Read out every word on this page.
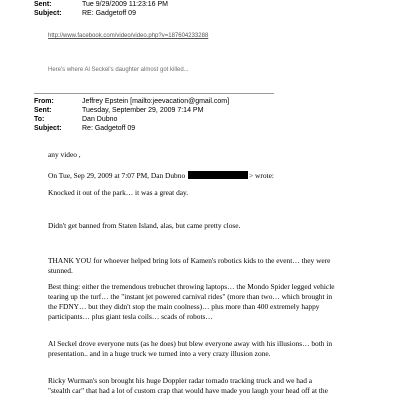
Sent:	Tue 9/29/2009 11:23:16 PM
Subject:	RE: Gadgetoff 09
http://www.facebook.com/video/video.php?v=187604233288
Here's where Al Seckel's daughter almost got killed...
From:	Jeffrey Epstein [mailto:jeevacation@gmail.com]
Sent:	Tuesday, September 29, 2009 7:14 PM
To:	Dan Dubno
Subject:	Re: Gadgetoff 09
any video ,
On Tue, Sep 29, 2009 at 7:07 PM, Dan Dubno	> wrote:
Knocked it out of the park… it was a great day.
Didn't get banned from Staten Island, alas, but came pretty close.
THANK YOU for whoever helped bring lots of Kamen's robotics kids to the event… they were
stunned.
Best thing: either the tremendous trebuchet throwing laptops… the Mondo Spider legged vehicle
tearing up the turf… the "instant jet powered carnival rides" (more than two… which brought in
the FDNY… but they didn't stop the main coolness)… plus more than 400 extremely happy
participants… plus giant tesla coils… scads of robots…
Al Seckel drove everyone nuts (as he does) but blew everyone away with his illusions… both in
presentation.. and in a huge truck we turned into a very crazy illusion zone.
Ricky Wurman's son brought his huge Doppler radar tornado tracking truck and we had a
"stealth car" that had a lot of custom crap that would have made you laugh your head off at the
